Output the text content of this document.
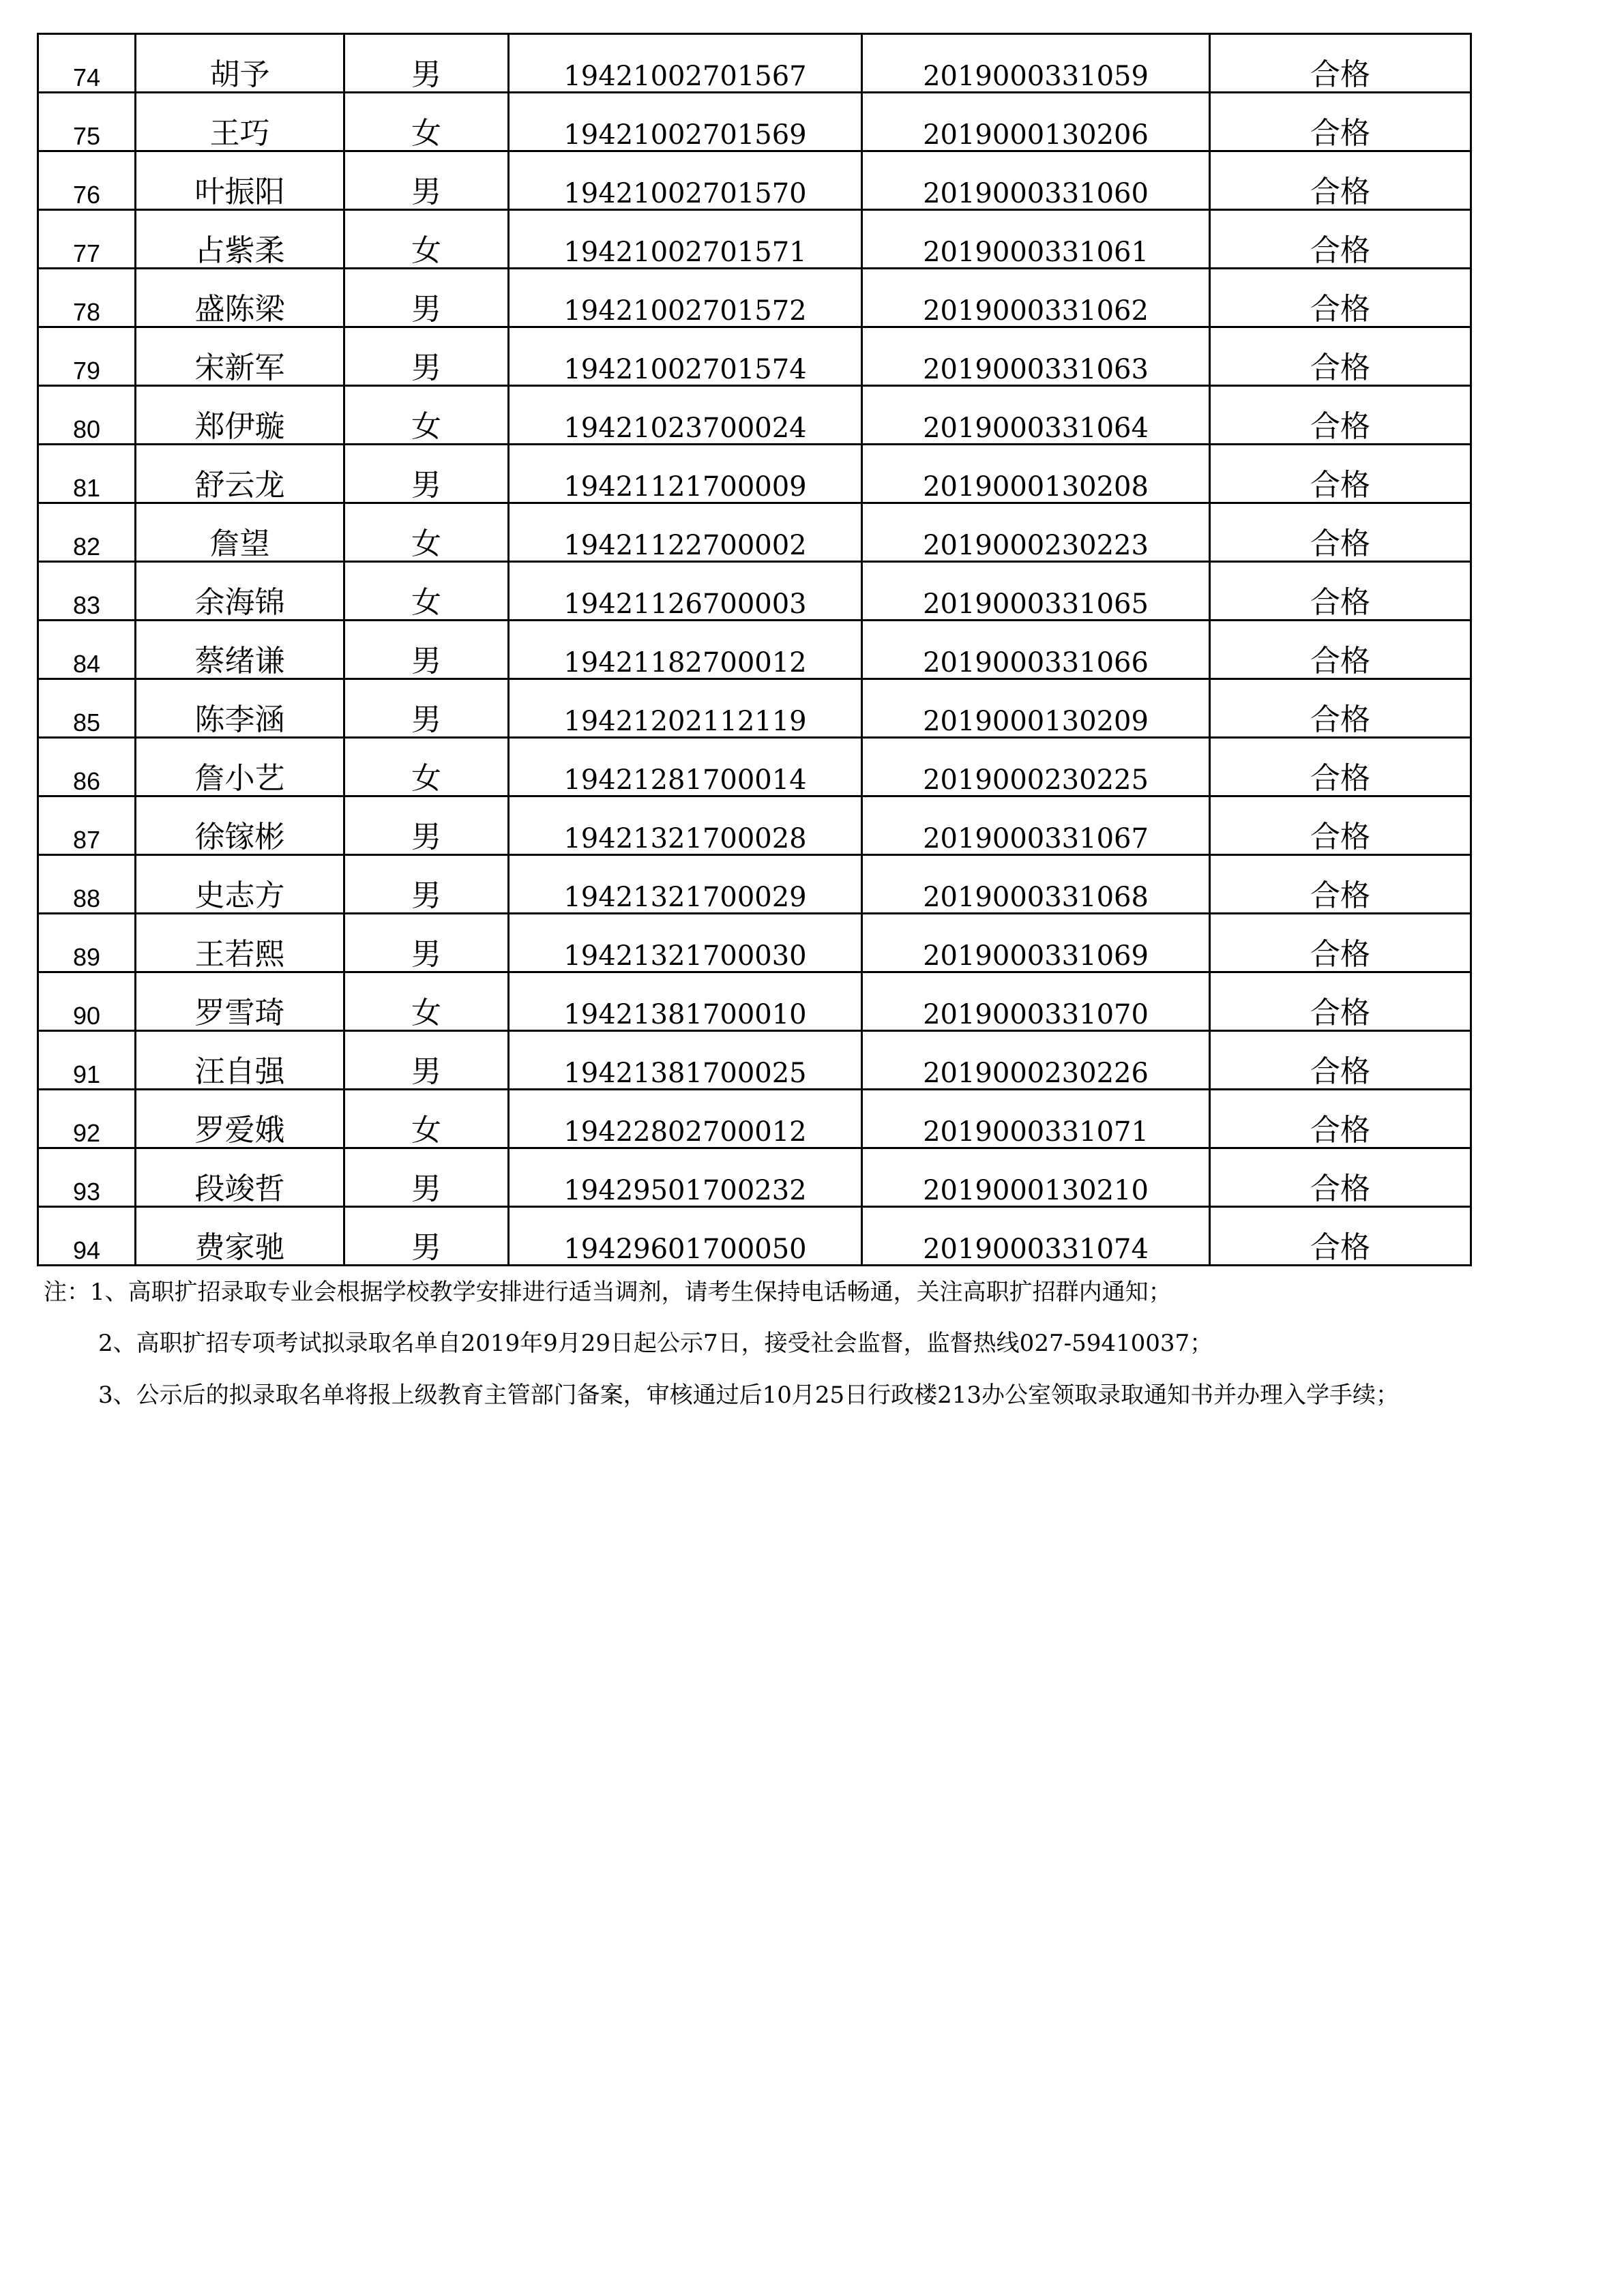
74	胡予	男	19421002701567	2019000331059	合格
75	王巧	女	19421002701569	2019000130206	合格
76	叶振阳	男	19421002701570	2019000331060	合格
77	占紫柔	女	19421002701571	2019000331061	合格
78	盛陈梁	男	19421002701572	2019000331062	合格
79	宋新军	男	19421002701574	2019000331063	合格
80	郑伊璇	女	19421023700024	2019000331064	合格
81	舒云龙	男	19421121700009	2019000130208	合格
82	詹望	女	19421122700002	2019000230223	合格
83	余海锦	女	19421126700003	2019000331065	合格
84	蔡绪谦	男	19421182700012	2019000331066	合格
85	陈李涵	男	19421202112119	2019000130209	合格
86	詹小艺	女	19421281700014	2019000230225	合格
87	徐镓彬	男	19421321700028	2019000331067	合格
88	史志方	男	19421321700029	2019000331068	合格
89	王若熙	男	19421321700030	2019000331069	合格
90	罗雪琦	女	19421381700010	2019000331070	合格
91	汪自强	男	19421381700025	2019000230226	合格
92	罗爱娥	女	19422802700012	2019000331071	合格
93	段竣哲	男	19429501700232	2019000130210	合格
94	费家驰	男	19429601700050	2019000331074	合格

注：1、高职扩招录取专业会根据学校教学安排进行适当调剂，请考生保持电话畅通，关注高职扩招群内通知；

2、高职扩招专项考试拟录取名单自2019年9月29日起公示7日，接受社会监督，监督热线027-59410037；

3、公示后的拟录取名单将报上级教育主管部门备案，审核通过后10月25日行政楼213办公室领取录取通知书并办理入学手续；
